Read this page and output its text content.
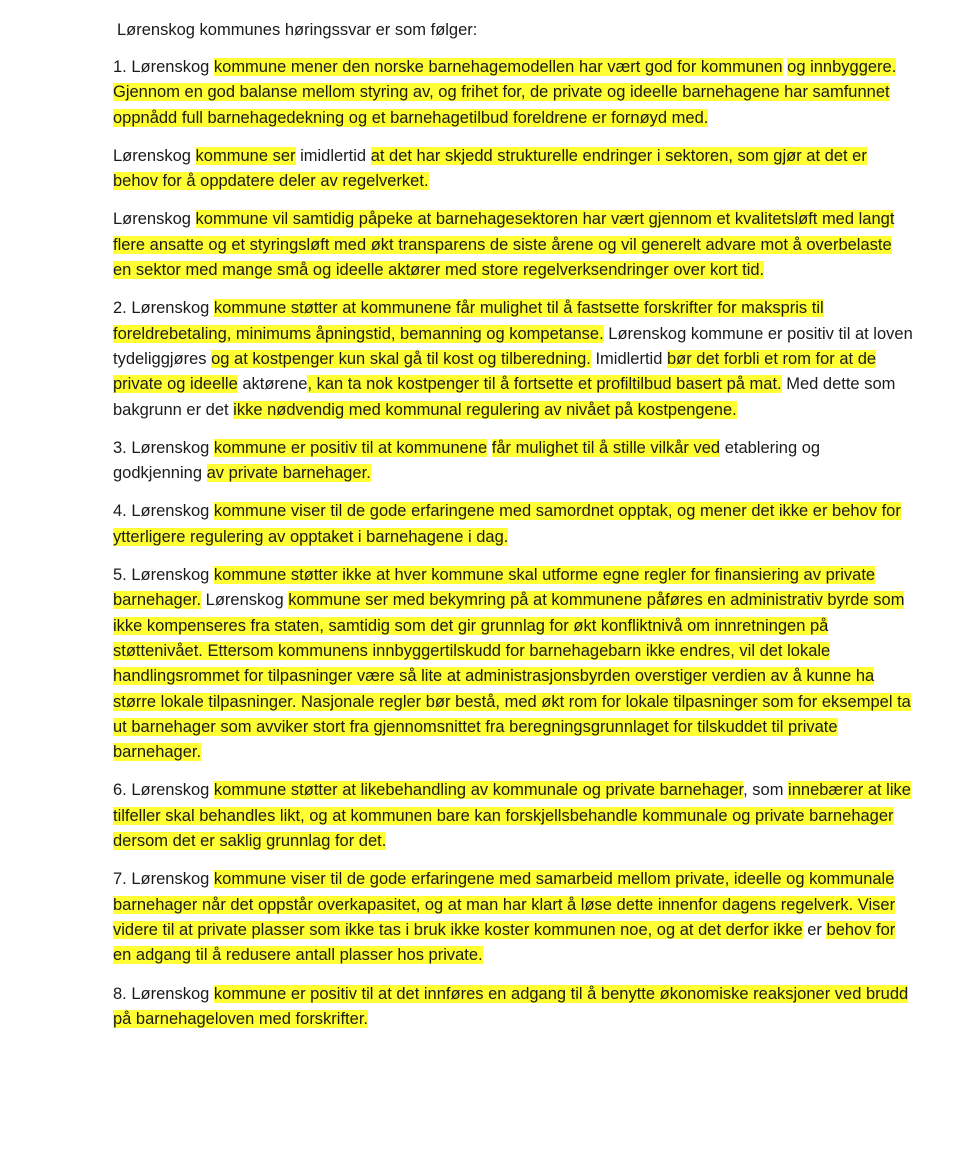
Lørenskog kommunes høringssvar er som følger:

1. Lørenskog kommune mener den norske barnehagemodellen har vært god for kommunen og innbyggere. Gjennom en god balanse mellom styring av, og frihet for, de private og ideelle barnehagene har samfunnet oppnådd full barnehagedekning og et barnehagetilbud foreldrene er fornøyd med.

Lørenskog kommune ser imidlertid at det har skjedd strukturelle endringer i sektoren, som gjør at det er behov for å oppdatere deler av regelverket.

Lørenskog kommune vil samtidig påpeke at barnehagesektoren har vært gjennom et kvalitetsløft med langt flere ansatte og et styringsløft med økt transparens de siste årene og vil generelt advare mot å overbelaste en sektor med mange små og ideelle aktører med store regelverksendringer over kort tid.

2. Lørenskog kommune støtter at kommunene får mulighet til å fastsette forskrifter for makspris til foreldrebetaling, minimums åpningstid, bemanning og kompetanse. Lørenskog kommune er positiv til at loven tydeliggjøres og at kostpenger kun skal gå til kost og tilberedning. Imidlertid bør det forbli et rom for at de private og ideelle aktørene, kan ta nok kostpenger til å fortsette et profiltilbud basert på mat. Med dette som bakgrunn er det ikke nødvendig med kommunal regulering av nivået på kostpengene.

3. Lørenskog kommune er positiv til at kommunene får mulighet til å stille vilkår ved etablering og godkjenning av private barnehager.

4. Lørenskog kommune viser til de gode erfaringene med samordnet opptak, og mener det ikke er behov for ytterligere regulering av opptaket i barnehagene i dag.

5. Lørenskog kommune støtter ikke at hver kommune skal utforme egne regler for finansiering av private barnehager. Lørenskog kommune ser med bekymring på at kommunene påføres en administrativ byrde som ikke kompenseres fra staten, samtidig som det gir grunnlag for økt konfliktnivå om innretningen på støttenivået. Ettersom kommunens innbyggertilskudd for barnehagebarn ikke endres, vil det lokale handlingsrommet for tilpasninger være så lite at administrasjonsbyrden overstiger verdien av å kunne ha større lokale tilpasninger. Nasjonale regler bør bestå, med økt rom for lokale tilpasninger som for eksempel ta ut barnehager som avviker stort fra gjennomsnittet fra beregningsgrunnlaget for tilskuddet til private barnehager.

6. Lørenskog kommune støtter at likebehandling av kommunale og private barnehager, som innebærer at like tilfeller skal behandles likt, og at kommunen bare kan forskjellsbehandle kommunale og private barnehager dersom det er saklig grunnlag for det.

7. Lørenskog kommune viser til de gode erfaringene med samarbeid mellom private, ideelle og kommunale barnehager når det oppstår overkapasitet, og at man har klart å løse dette innenfor dagens regelverk. Viser videre til at private plasser som ikke tas i bruk ikke koster kommunen noe, og at det derfor ikke er behov for en adgang til å redusere antall plasser hos private.

8. Lørenskog kommune er positiv til at det innføres en adgang til å benytte økonomiske reaksjoner ved brudd på barnehageloven med forskrifter.
